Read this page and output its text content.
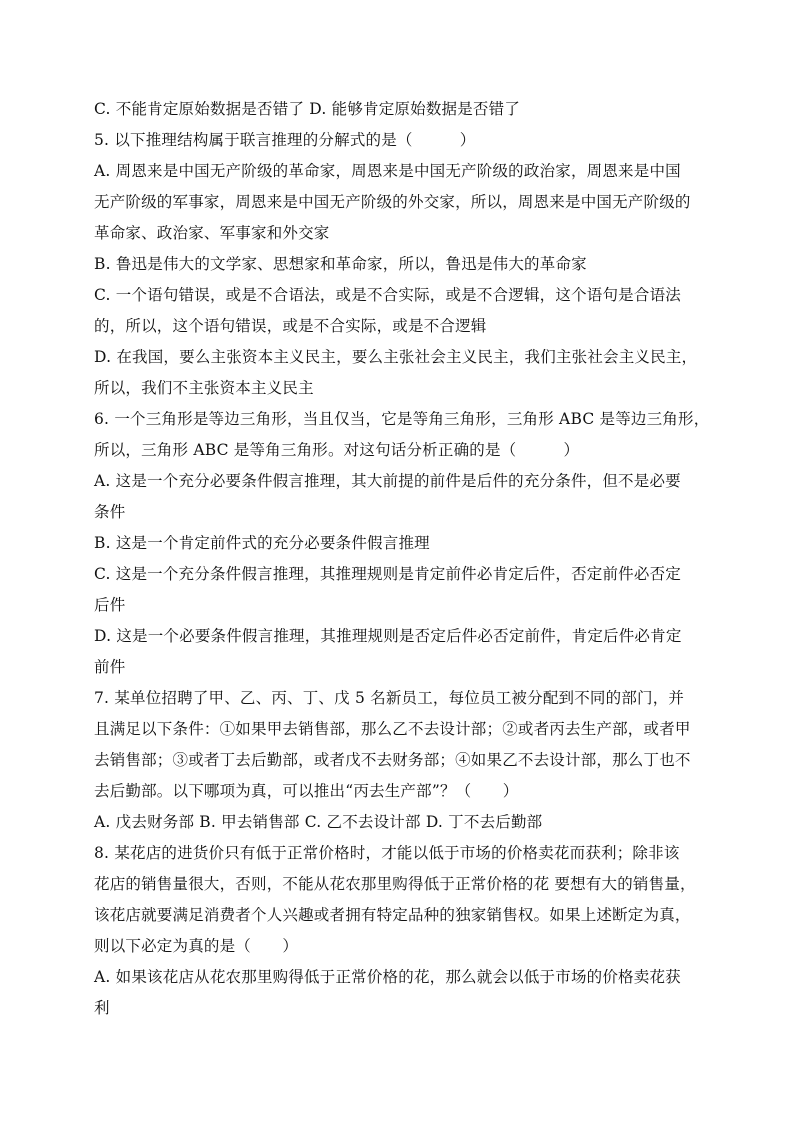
C. 不能肯定原始数据是否错了 D. 能够肯定原始数据是否错了
5. 以下推理结构属于联言推理的分解式的是（　　　）
A. 周恩来是中国无产阶级的革命家，周恩来是中国无产阶级的政治家，周恩来是中国
无产阶级的军事家，周恩来是中国无产阶级的外交家，所以，周恩来是中国无产阶级的
革命家、政治家、军事家和外交家
B. 鲁迅是伟大的文学家、思想家和革命家，所以，鲁迅是伟大的革命家
C. 一个语句错误，或是不合语法，或是不合实际，或是不合逻辑，这个语句是合语法
的，所以，这个语句错误，或是不合实际，或是不合逻辑
D. 在我国，要么主张资本主义民主，要么主张社会主义民主，我们主张社会主义民主，
所以，我们不主张资本主义民主
6. 一个三角形是等边三角形，当且仅当，它是等角三角形，三角形 ABC 是等边三角形，
所以，三角形 ABC 是等角三角形。对这句话分析正确的是（　　　）
A. 这是一个充分必要条件假言推理，其大前提的前件是后件的充分条件，但不是必要
条件
B. 这是一个肯定前件式的充分必要条件假言推理
C. 这是一个充分条件假言推理，其推理规则是肯定前件必肯定后件，否定前件必否定
后件
D. 这是一个必要条件假言推理，其推理规则是否定后件必否定前件，肯定后件必肯定
前件
7. 某单位招聘了甲、乙、丙、丁、戊 5 名新员工，每位员工被分配到不同的部门，并
且满足以下条件：①如果甲去销售部，那么乙不去设计部；②或者丙去生产部，或者甲
去销售部；③或者丁去后勤部，或者戊不去财务部；④如果乙不去设计部，那么丁也不
去后勤部。以下哪项为真，可以推出“丙去生产部”？（　　）
A. 戊去财务部 B. 甲去销售部 C. 乙不去设计部 D. 丁不去后勤部
8. 某花店的进货价只有低于正常价格时，才能以低于市场的价格卖花而获利；除非该
花店的销售量很大，否则，不能从花农那里购得低于正常价格的花 要想有大的销售量，
该花店就要满足消费者个人兴趣或者拥有特定品种的独家销售权。如果上述断定为真，
则以下必定为真的是（　　）
A. 如果该花店从花农那里购得低于正常价格的花，那么就会以低于市场的价格卖花获
利
